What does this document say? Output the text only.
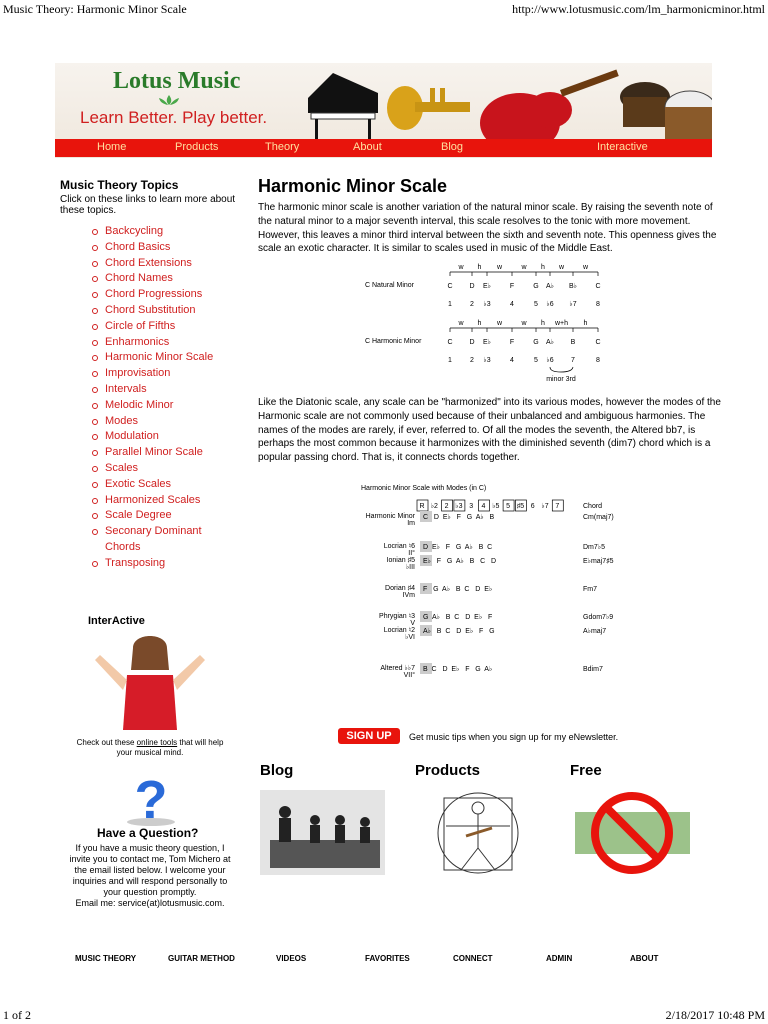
Music Theory: Harmonic Minor Scale	http://www.lotusmusic.com/lm_harmonicminor.html
1 of 2	2/18/2017 10:48 PM
Lotus Music
Learn Better. Play better.
Home	Products	Theory	About	Blog	Interactive
Music Theory Topics
Click on these links to learn more about these topics.
Backcycling
Chord Basics
Chord Extensions
Chord Names
Chord Progressions
Chord Substitution
Circle of Fifths
Enharmonics
Harmonic Minor Scale
Improvisation
Intervals
Melodic Minor
Modes
Modulation
Parallel Minor Scale
Scales
Exotic Scales
Harmonized Scales
Scale Degree
Seconary Dominant Chords
Transposing
Harmonic Minor Scale
The harmonic minor scale is another variation of the natural minor scale. By raising the seventh note of the natural minor to a major seventh interval, this scale resolves to the tonic with more movement. However, this leaves a minor third interval between the sixth and seventh note. This openness gives the scale an exotic character. It is similar to scales used in music of the Middle East.
C Natural Minor
w h w	w h w	w
C D E♭	F	G A♭ B♭	C
1	2 ♭3	4	5 ♭6 ♭7	8
C Harmonic Minor
w h w	w h w+h h
C D E♭	F	G A♭ B	C
1	2 ♭3	4	5 ♭6 7	8
minor 3rd
Like the Diatonic scale, any scale can be "harmonized" into its various modes, however the modes of the Harmonic scale are not commonly used because of their unbalanced and ambiguous harmonies. The names of the modes are rarely, if ever, referred to. Of all the modes the seventh, the Altered bb7, is perhaps the most common because it harmonizes with the diminished seventh (dim7) chord which is a popular passing chord. That is, it connects chords together.
Harmonic Minor Scale with Modes (in C)
R ♭2 2 ♭3 3 4 ♭5 5 ♯5 6 ♭7 7	Chord
Harmonic Minor
Im
C   D  E♭   F   G  A♭   B	Cm(maj7)
Locrian ♮6
II°
D  E♭   F   G  A♭   B  C	Dm7♭5
Ionian ♯5
♭III
E♭   F   G  A♭   B   C   D	E♭maj7♯5
Dorian ♯4
IVm
F   G  A♭   B  C   D  E♭	Fm7
Phrygian ♮3
V
G  A♭   B  C   D  E♭   F	Gdom7♭9
Locrian ♮2
♭VI
A♭   B  C   D  E♭   F   G	A♭maj7
Altered ♭♭7
VII°
B  C   D  E♭   F   G  A♭	Bdim7
InterActive
Check out these online tools that will help your musical mind.
?
Have a Question?
If you have a music theory question, I invite you to contact me, Tom Michero at the email listed below. I welcome your inquiries and will respond personally to your question promptly.
Email me: service(at)lotusmusic.com.
SIGN UP	Get music tips when you sign up for my eNewsletter.
Blog	Products	Free
MUSIC THEORY	GUITAR METHOD	VIDEOS	FAVORITES	CONNECT	ADMIN	ABOUT
